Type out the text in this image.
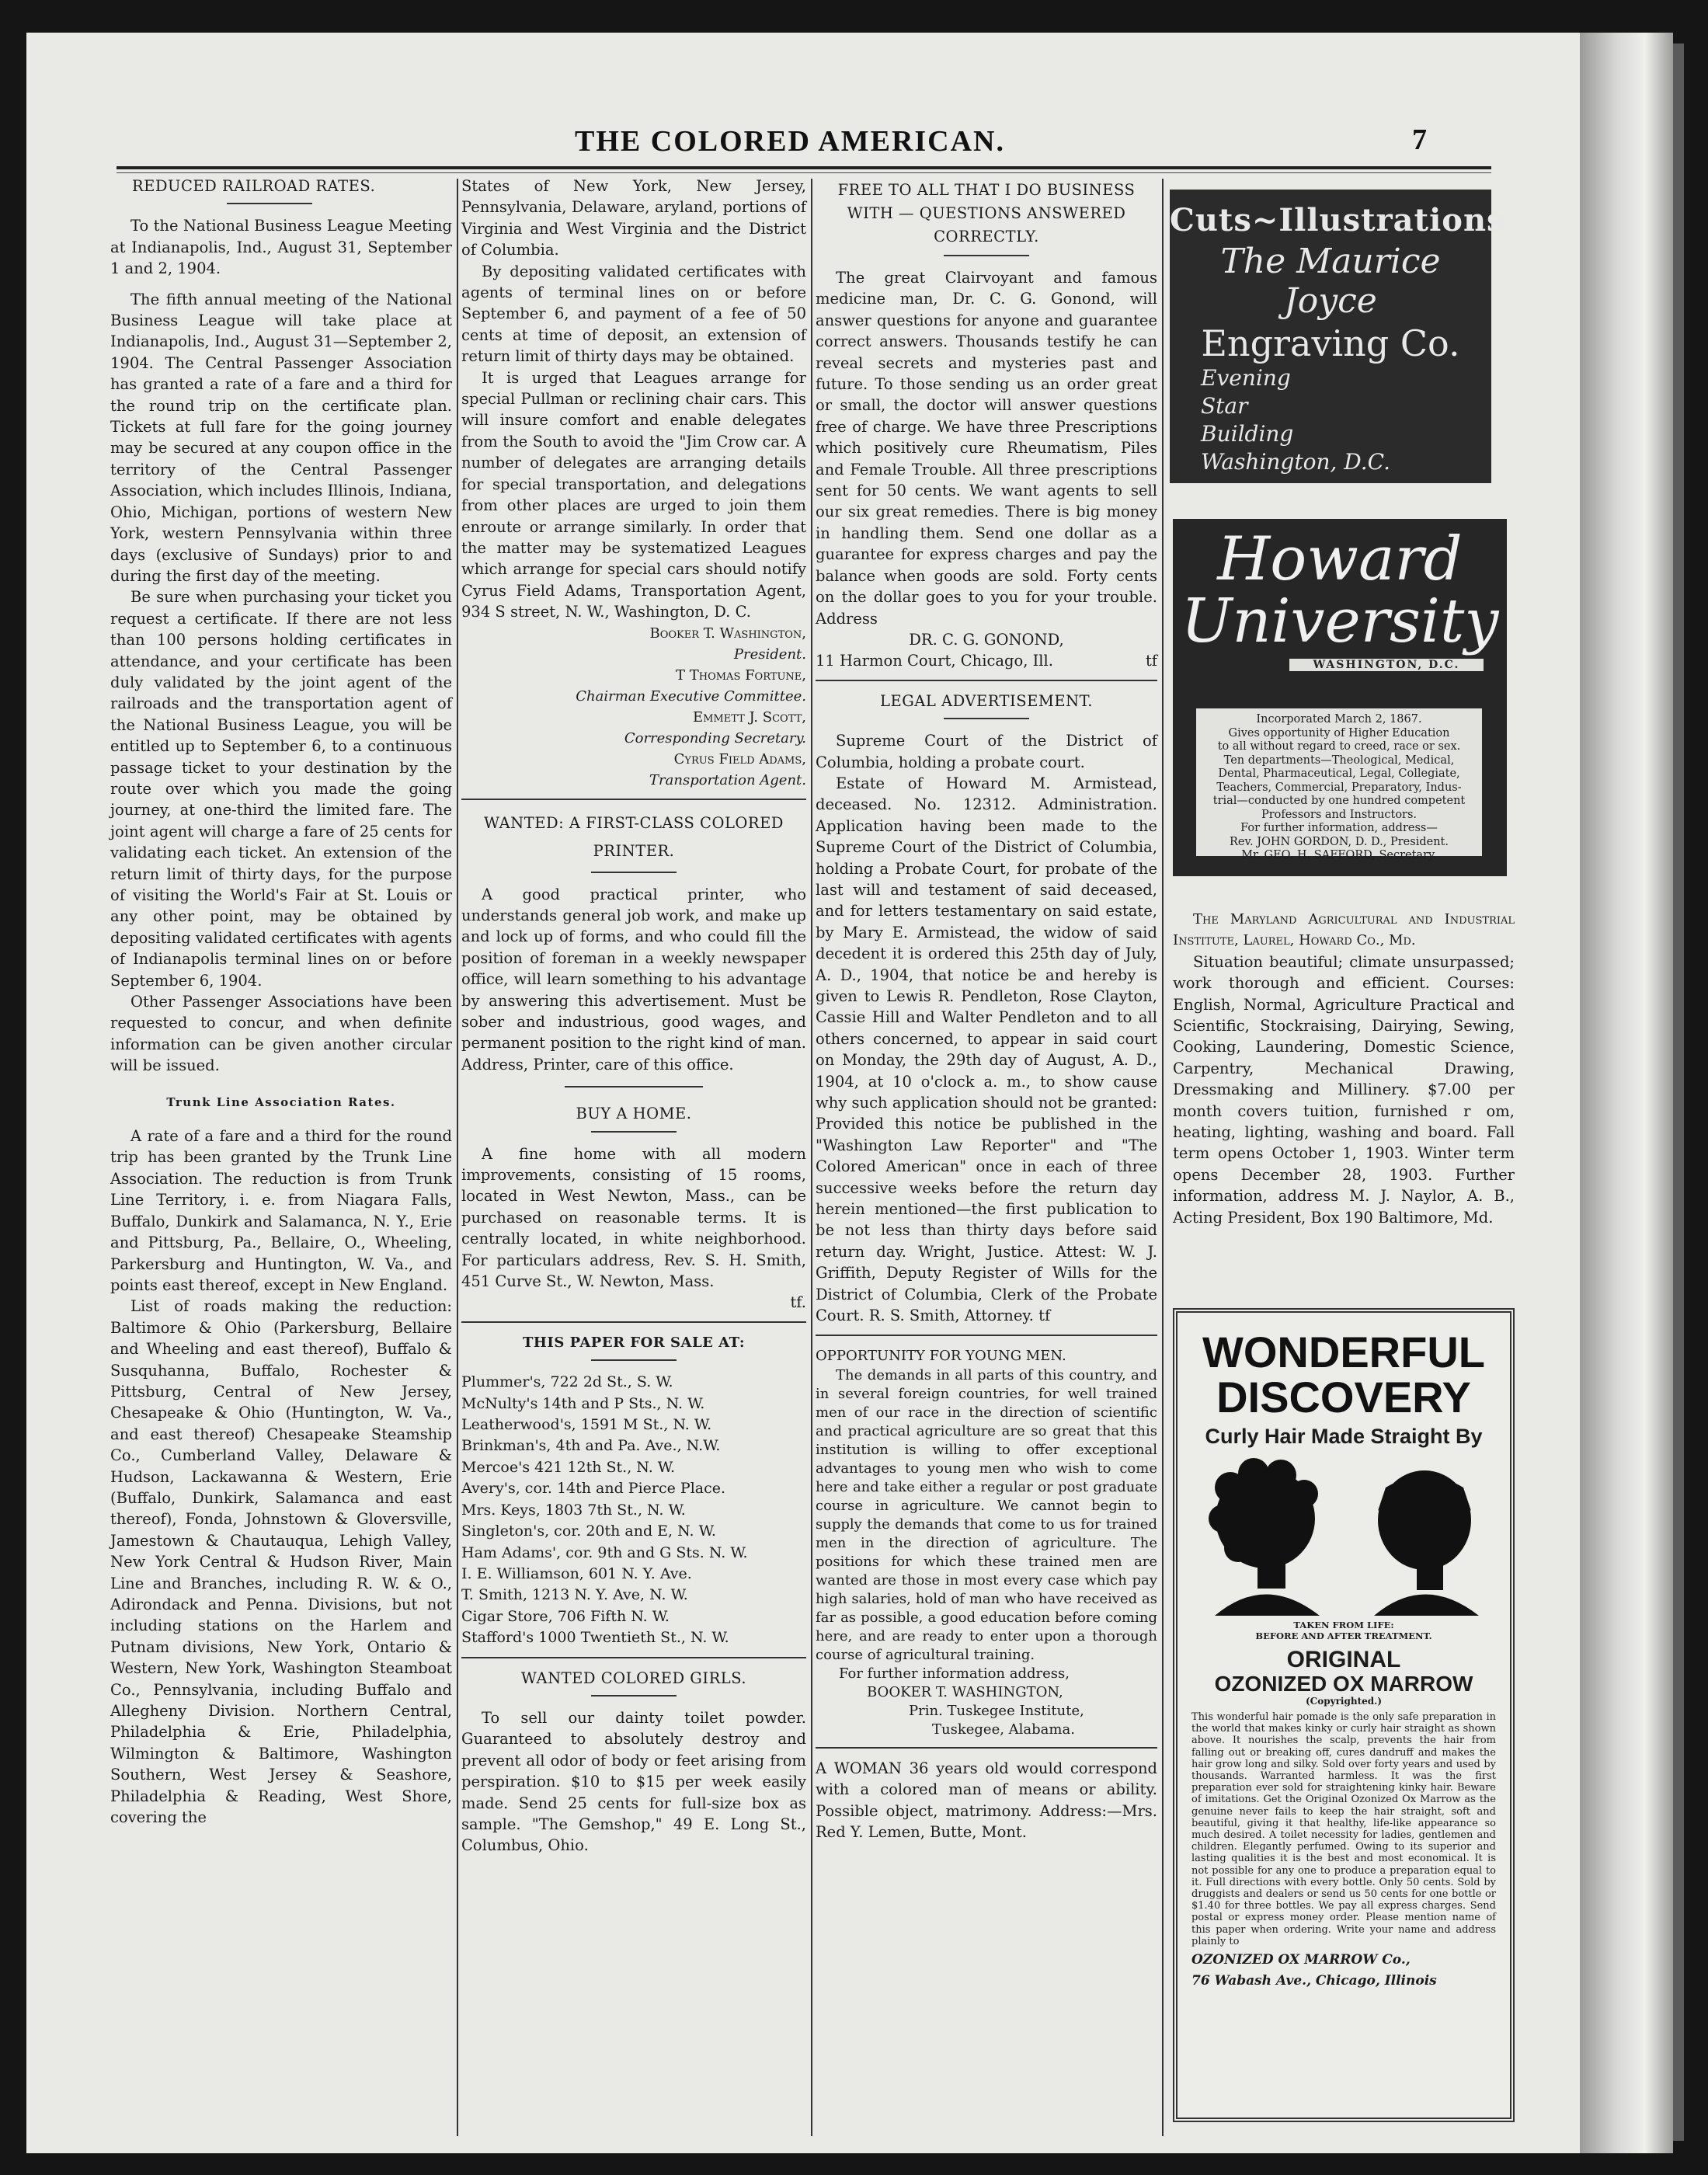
THE COLORED AMERICAN.	7
REDUCED RAILROAD RATES.

To the National Business League Meeting at Indianapolis, Ind., August 31, September 1 and 2, 1904.

The fifth annual meeting of the National Business League will take place at Indianapolis, Ind., August 31—September 2, 1904. The Central Passenger Association has granted a rate of a fare and a third for the round trip on the certificate plan. Tickets at full fare for the going journey may be secured at any coupon office in the territory of the Central Passenger Association, which includes Illinois, Indiana, Ohio, Michigan, portions of western New York, western Pennsylvania within three days (exclusive of Sundays) prior to and during the first day of the meeting.

Be sure when purchasing your ticket you request a certificate. If there are not less than 100 persons holding certificates in attendance, and your certificate has been duly validated by the joint agent of the railroads and the transportation agent of the National Business League, you will be entitled up to September 6, to a continuous passage ticket to your destination by the route over which you made the going journey, at one-third the limited fare. The joint agent will charge a fare of 25 cents for validating each ticket. An extension of the return limit of thirty days, for the purpose of visiting the World's Fair at St. Louis or any other point, may be obtained by depositing validated certificates with agents of Indianapolis terminal lines on or before September 6, 1904.

Other Passenger Associations have been requested to concur, and when definite information can be given another circular will be issued.

Trunk Line Association Rates.

A rate of a fare and a third for the round trip has been granted by the Trunk Line Association. The reduction is from Trunk Line Territory, i. e. from Niagara Falls, Buffalo, Dunkirk and Salamanca, N. Y., Erie and Pittsburg, Pa., Bellaire, O., Wheeling, Parkersburg and Huntington, W. Va., and points east thereof, except in New England.

List of roads making the reduction: Baltimore & Ohio (Parkersburg, Bellaire and Wheeling and east thereof), Buffalo & Susquhanna, Buffalo, Rochester & Pittsburg, Central of New Jersey, Chesapeake & Ohio (Huntington, W. Va., and east thereof) Chesapeake Steamship Co., Cumberland Valley, Delaware & Hudson, Lackawanna & Western, Erie (Buffalo, Dunkirk, Salamanca and east thereof), Fonda, Johnstown & Gloversville, Jamestown & Chautauqua, Lehigh Valley, New York Central & Hudson River, Main Line and Branches, including R. W. & O., Adirondack and Penna. Divisions, but not including stations on the Harlem and Putnam divisions, New York, Ontario & Western, New York, Washington Steamboat Co., Pennsylvania, including Buffalo and Allegheny Division. Northern Central, Philadelphia & Erie, Philadelphia, Wilmington & Baltimore, Washington Southern, West Jersey & Seashore, Philadelphia & Reading, West Shore, covering the

States of New York, New Jersey, Pennsylvania, Delaware, aryland, portions of Virginia and West Virginia and the District of Columbia.

By depositing validated certificates with agents of terminal lines on or before September 6, and payment of a fee of 50 cents at time of deposit, an extension of return limit of thirty days may be obtained.

It is urged that Leagues arrange for special Pullman or reclining chair cars. This will insure comfort and enable delegates from the South to avoid the "Jim Crow car. A number of delegates are arranging details for special transportation, and delegations from other places are urged to join them enroute or arrange similarly. In order that the matter may be systematized Leagues which arrange for special cars should notify Cyrus Field Adams, Transportation Agent, 934 S street, N. W., Washington, D. C.

Booker T. Washington,
President.
T Thomas Fortune,
Chairman Executive Committee.
Emmett J. Scott,
Corresponding Secretary.
Cyrus Field Adams,
Transportation Agent.
WANTED: A FIRST-CLASS COLORED PRINTER.

A good practical printer, who understands general job work, and make up and lock up of forms, and who could fill the position of foreman in a weekly newspaper office, will learn something to his advantage by answering this advertisement. Must be sober and industrious, good wages, and permanent position to the right kind of man. Address, Printer, care of this office.

BUY A HOME.

A fine home with all modern improvements, consisting of 15 rooms, located in West Newton, Mass., can be purchased on reasonable terms. It is centrally located, in white neighborhood. For particulars address, Rev. S. H. Smith, 451 Curve St., W. Newton, Mass.

tf.
THIS PAPER FOR SALE AT:
Plummer's, 722 2d St., S. W.
McNulty's 14th and P Sts., N. W.
Leatherwood's, 1591 M St., N. W.
Brinkman's, 4th and Pa. Ave., N.W.
Mercoe's 421 12th St., N. W.
Avery's, cor. 14th and Pierce Place.
Mrs. Keys, 1803 7th St., N. W.
Singleton's, cor. 20th and E, N. W.
Ham Adams', cor. 9th and G Sts. N. W.
I. E. Williamson, 601 N. Y. Ave.
T. Smith, 1213 N. Y. Ave, N. W.
Cigar Store, 706 Fifth N. W.
Stafford's 1000 Twentieth St., N. W.
WANTED COLORED GIRLS.

To sell our dainty toilet powder. Guaranteed to absolutely destroy and prevent all odor of body or feet arising from perspiration. $10 to $15 per week easily made. Send 25 cents for full-size box as sample. "The Gemshop," 49 E. Long St., Columbus, Ohio.

FREE TO ALL THAT I DO BUSINESS WITH — QUESTIONS ANSWERED CORRECTLY.

The great Clairvoyant and famous medicine man, Dr. C. G. Gonond, will answer questions for anyone and guarantee correct answers. Thousands testify he can reveal secrets and mysteries past and future. To those sending us an order great or small, the doctor will answer questions free of charge. We have three Prescriptions which positively cure Rheumatism, Piles and Female Trouble. All three prescriptions sent for 50 cents. We want agents to sell our six great remedies. There is big money in handling them. Send one dollar as a guarantee for express charges and pay the balance when goods are sold. Forty cents on the dollar goes to you for your trouble. Address

DR. C. G. GONOND,
11 Harmon Court, Chicago, Ill.	tf
LEGAL ADVERTISEMENT.

Supreme Court of the District of Columbia, holding a probate court.

Estate of Howard M. Armistead, deceased. No. 12312. Administration. Application having been made to the Supreme Court of the District of Columbia, holding a Probate Court, for probate of the last will and testament of said deceased, and for letters testamentary on said estate, by Mary E. Armistead, the widow of said decedent it is ordered this 25th day of July, A. D., 1904, that notice be and hereby is given to Lewis R. Pendleton, Rose Clayton, Cassie Hill and Walter Pendleton and to all others concerned, to appear in said court on Monday, the 29th day of August, A. D., 1904, at 10 o'clock a. m., to show cause why such application should not be granted: Provided this notice be published in the "Washington Law Reporter" and "The Colored American" once in each of three successive weeks before the return day herein mentioned—the first publication to be not less than thirty days before said return day. Wright, Justice. Attest: W. J. Griffith, Deputy Register of Wills for the District of Columbia, Clerk of the Probate Court. R. S. Smith, Attorney. tf

OPPORTUNITY FOR YOUNG MEN.

The demands in all parts of this country, and in several foreign countries, for well trained men of our race in the direction of scientific and practical agriculture are so great that this institution is willing to offer exceptional advantages to young men who wish to come here and take either a regular or post graduate course in agriculture. We cannot begin to supply the demands that come to us for trained men in the direction of agriculture. The positions for which these trained men are wanted are those in most every case which pay high salaries, hold of man who have received as far as possible, a good education before coming here, and are ready to enter upon a thorough course of agricultural training.

For further information address,
BOOKER T. WASHINGTON,
Prin. Tuskegee Institute,
Tuskegee, Alabama.

A WOMAN 36 years old would correspond with a colored man of means or ability. Possible object, matrimony. Address:—Mrs. Red Y. Lemen, Butte, Mont.

Cuts~Illustrations
The Maurice Joyce
Engraving Co.
Evening
Star
Building
Washington, D.C.
Howard
University
WASHINGTON, D.C.
Incorporated March 2, 1867.
Gives opportunity of Higher Education
to all without regard to creed, race or sex.
Ten departments—Theological, Medical,
Dental, Pharmaceutical, Legal, Collegiate,
Teachers, Commercial, Preparatory, Indus-
trial—conducted by one hundred competent
Professors and Instructors.
For further information, address—
Rev. JOHN GORDON, D. D., President.
Mr. GEO. H. SAFFORD, Secretary.

The Maryland Agricultural and Industrial Institute, Laurel, Howard Co., Md.

Situation beautiful; climate unsurpassed; work thorough and efficient. Courses: English, Normal, Agriculture Practical and Scientific, Stockraising, Dairying, Sewing, Cooking, Laundering, Domestic Science, Carpentry, Mechanical Drawing, Dressmaking and Millinery. $7.00 per month covers tuition, furnished r om, heating, lighting, washing and board. Fall term opens October 1, 1903. Winter term opens December 28, 1903. Further information, address M. J. Naylor, A. B., Acting President, Box 190 Baltimore, Md.

WONDERFUL
DISCOVERY
Curly Hair Made Straight By
TAKEN FROM LIFE:
BEFORE AND AFTER TREATMENT.
ORIGINAL
OZONIZED OX MARROW
(Copyrighted.)
This wonderful hair pomade is the only safe preparation in the world that makes kinky or curly hair straight as shown above. It nourishes the scalp, prevents the hair from falling out or breaking off, cures dandruff and makes the hair grow long and silky. Sold over forty years and used by thousands. Warranted harmless. It was the first preparation ever sold for straightening kinky hair. Beware of imitations. Get the Original Ozonized Ox Marrow as the genuine never fails to keep the hair straight, soft and beautiful, giving it that healthy, life-like appearance so much desired. A toilet necessity for ladies, gentlemen and children. Elegantly perfumed. Owing to its superior and lasting qualities it is the best and most economical. It is not possible for any one to produce a preparation equal to it. Full directions with every bottle. Only 50 cents. Sold by druggists and dealers or send us 50 cents for one bottle or $1.40 for three bottles. We pay all express charges. Send postal or express money order. Please mention name of this paper when ordering. Write your name and address plainly to
OZONIZED OX MARROW Co.,
76 Wabash Ave., Chicago, Illinois
